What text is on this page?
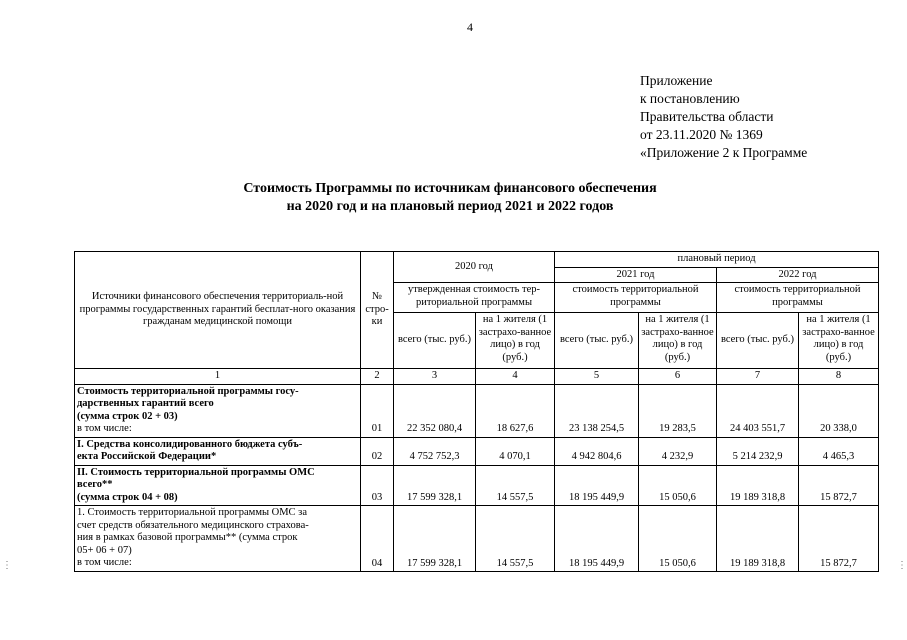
4
Приложение
к постановлению
Правительства области
от 23.11.2020 № 1369
«Приложение 2 к Программе
Стоимость Программы по источникам финансового обеспечения
на 2020 год и на плановый период 2021 и 2022 годов
Источники финансового обеспечения территориаль-ной программы государственных гарантий бесплат-ного оказания гражданам медицинской помощи	№ стро-ки	2020 год		плановый период			
				2021 год		2022 год	
		утвержденная стоимость тер-риториальной программы		стоимость территориальной программы		стоимость территориальной программы	
		всего (тыс. руб.)	на 1 жителя (1 застрахо-ванное лицо) в год (руб.)	всего (тыс. руб.)	на 1 жителя (1 застрахо-ванное лицо) в год (руб.)	всего (тыс. руб.)	на 1 жителя (1 застрахо-ванное лицо) в год (руб.)
1	2	3	4	5	6	7	8

Стоимость территориальной программы госу-
дарственных гарантий всего
(сумма строк 02 + 03)
в том числе:	01	22 352 080,4	18 627,6	23 138 254,5	19 283,5	24 403 551,7	20 338,0

I. Средства консолидированного бюджета субъ-
екта Российской Федерации*	02	4 752 752,3	4 070,1	4 942 804,6	4 232,9	5 214 232,9	4 465,3

II. Стоимость территориальной программы ОМС
всего**
(сумма строк 04 + 08)	03	17 599 328,1	14 557,5	18 195 449,9	15 050,6	19 189 318,8	15 872,7

1. Стоимость территориальной программы ОМС за
счет средств обязательного медицинского страхова-
ния в рамках базовой программы** (сумма строк
05+ 06 + 07)
в том числе:	04	17 599 328,1	14 557,5	18 195 449,9	15 050,6	19 189 318,8	15 872,7
⋮	⋮
